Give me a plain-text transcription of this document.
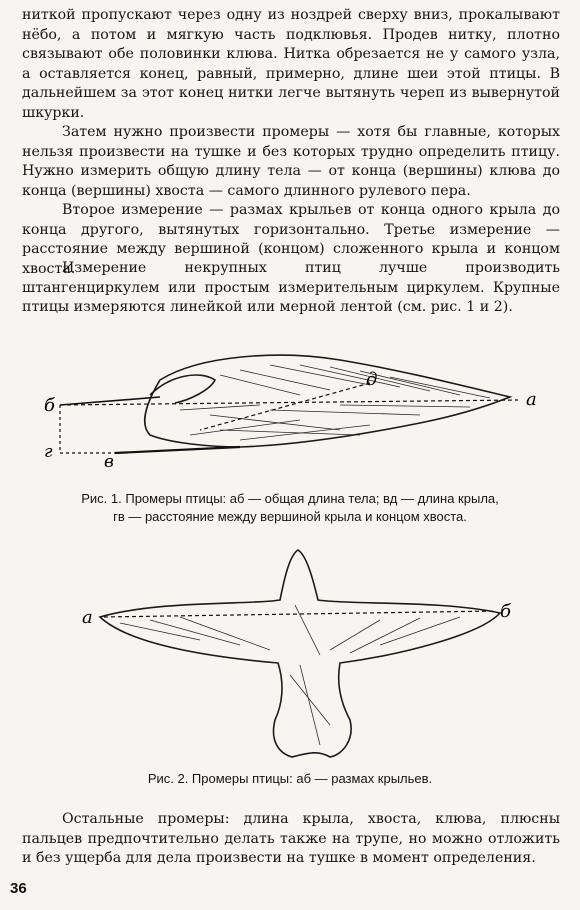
ниткой пропускают через одну из ноздрей сверху вниз, прокалывают нёбо, а потом и мягкую часть подклювья. Продев нитку, плотно связывают обе половинки клюва. Нитка обрезается не у самого узла, а оставляется конец, равный, примерно, длине шеи этой птицы. В дальнейшем за этот конец нитки легче вытянуть череп из вывернутой шкурки.

Затем нужно произвести промеры — хотя бы главные, которых нельзя произвести на тушке и без которых трудно определить птицу. Нужно измерить общую длину тела — от конца (вершины) клюва до конца (вершины) хвоста — самого длинного рулевого пера.

Второе измерение — размах крыльев от конца одного крыла до конца другого, вытянутых горизонтально. Третье измерение — расстояние между вершиной (концом) сложенного крыла и концом хвоста.

Измерение некрупных птиц лучше производить штангенциркулем или простым измерительным циркулем. Крупные птицы измеряются линейкой или мерной лентой (см. рис. 1 и 2).

б	а
д
г	в

Рис. 1. Промеры птицы: аб — общая длина тела; вд — длина крыла,

гв — расстояние между вершиной крыла и концом хвоста.

а	б

Рис. 2. Промеры птицы: аб — размах крыльев.

Остальные промеры: длина крыла, хвоста, клюва, плюсны пальцев предпочтительно делать также на трупе, но можно отложить и без ущерба для дела произвести на тушке в момент определения.

36
